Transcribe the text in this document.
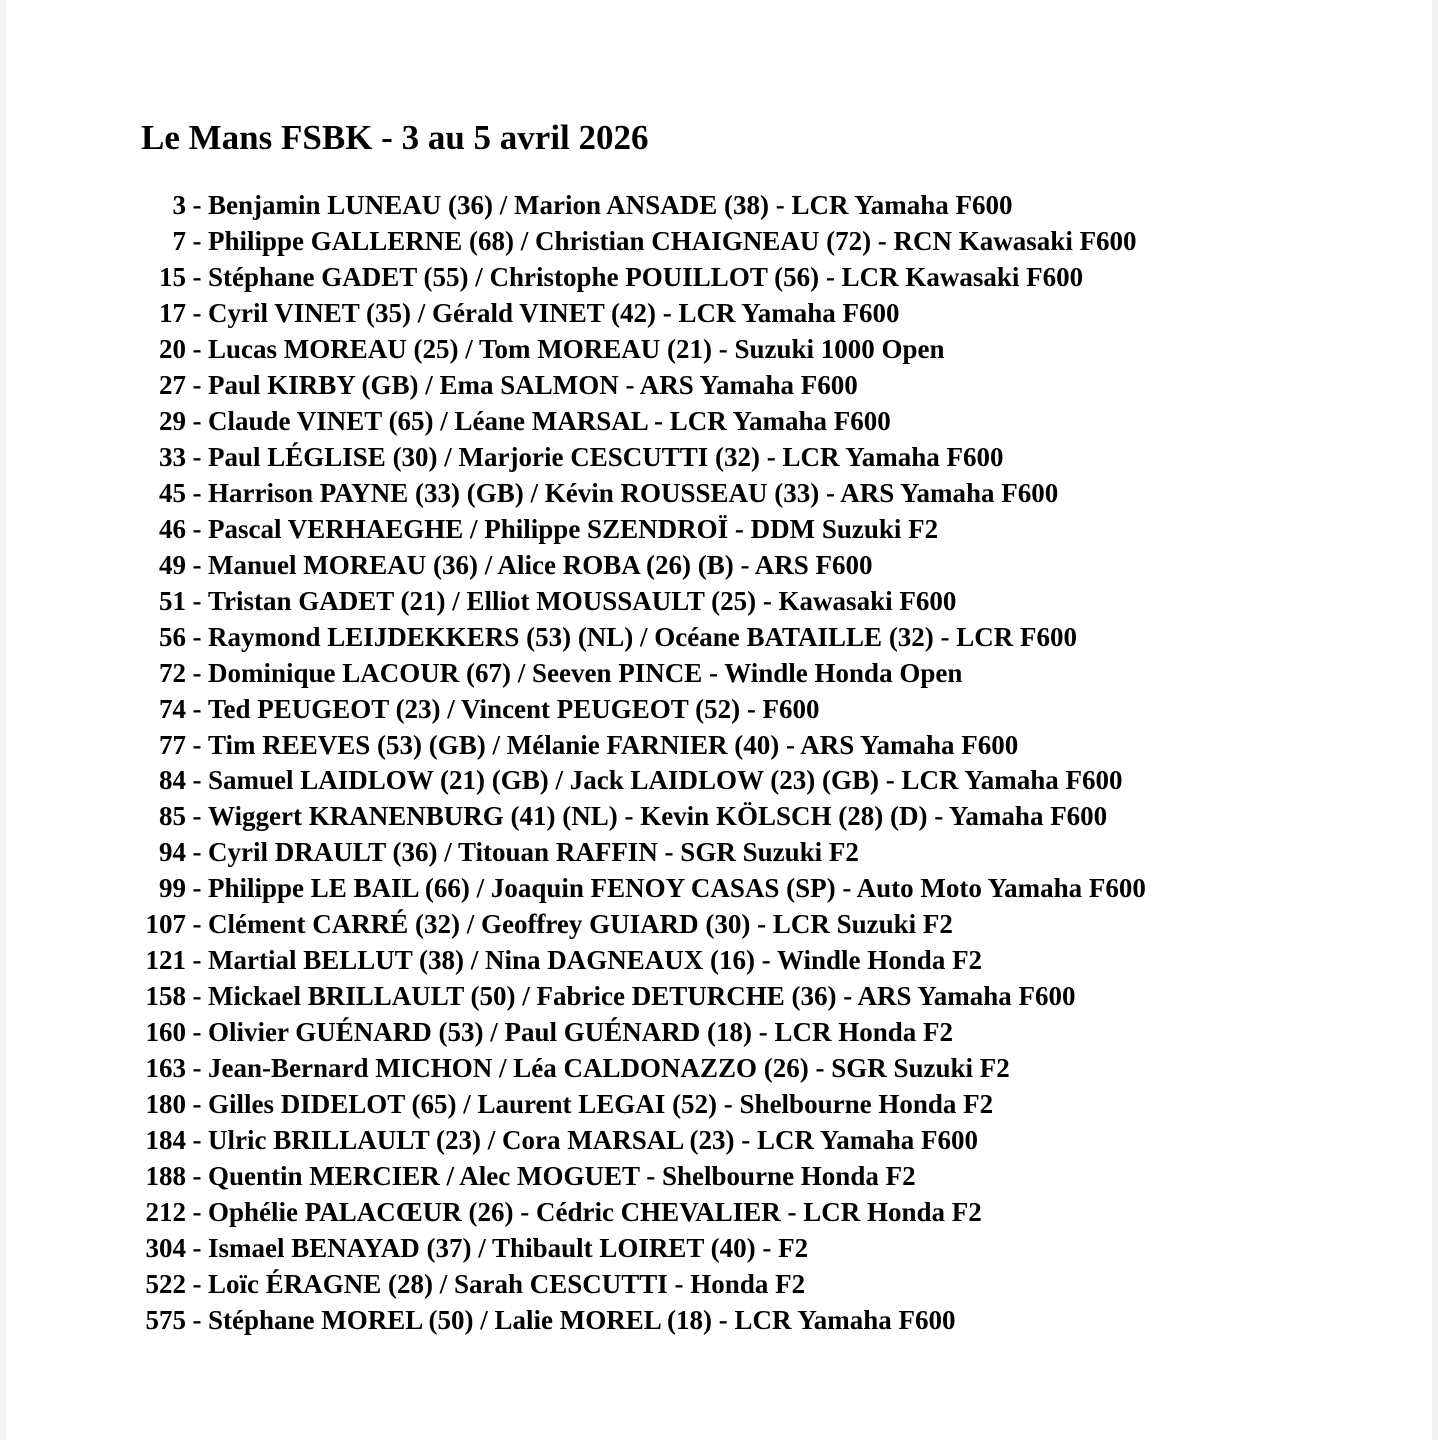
Le Mans FSBK - 3 au 5 avril 2026
3 - Benjamin LUNEAU (36) / Marion ANSADE (38) - LCR Yamaha F600
7 - Philippe GALLERNE (68) / Christian CHAIGNEAU (72) - RCN Kawasaki F600
15 - Stéphane GADET (55) / Christophe POUILLOT (56) - LCR Kawasaki F600
17 - Cyril VINET (35) / Gérald VINET (42) - LCR Yamaha F600
20 - Lucas MOREAU (25) / Tom MOREAU (21) - Suzuki 1000 Open
27 - Paul KIRBY (GB) / Ema SALMON - ARS Yamaha F600
29 - Claude VINET (65) / Léane MARSAL - LCR Yamaha F600
33 - Paul LÉGLISE (30) / Marjorie CESCUTTI (32) - LCR Yamaha F600
45 - Harrison PAYNE (33) (GB) / Kévin ROUSSEAU (33) - ARS Yamaha F600
46 - Pascal VERHAEGHE / Philippe SZENDROÏ - DDM Suzuki F2
49 - Manuel MOREAU (36) / Alice ROBA (26) (B) - ARS F600
51 - Tristan GADET (21) / Elliot MOUSSAULT (25) - Kawasaki F600
56 - Raymond LEIJDEKKERS (53) (NL) / Océane BATAILLE (32) - LCR F600
72 - Dominique LACOUR (67) / Seeven PINCE - Windle Honda Open
74 - Ted PEUGEOT (23) / Vincent PEUGEOT (52) - F600
77 - Tim REEVES (53) (GB) / Mélanie FARNIER (40) - ARS Yamaha F600
84 - Samuel LAIDLOW (21) (GB) / Jack LAIDLOW (23) (GB) - LCR Yamaha F600
85 - Wiggert KRANENBURG (41) (NL) - Kevin KÖLSCH (28) (D) - Yamaha F600
94 - Cyril DRAULT (36) / Titouan RAFFIN - SGR Suzuki F2
99 - Philippe LE BAIL (66) / Joaquin FENOY CASAS (SP) - Auto Moto Yamaha F600
107 - Clément CARRÉ (32) / Geoffrey GUIARD (30) - LCR Suzuki F2
121 - Martial BELLUT (38) / Nina DAGNEAUX (16) - Windle Honda F2
158 - Mickael BRILLAULT (50) / Fabrice DETURCHE (36) - ARS Yamaha F600
160 - Olivier GUÉNARD (53) / Paul GUÉNARD (18) - LCR Honda F2
163 - Jean-Bernard MICHON / Léa CALDONAZZO (26) - SGR Suzuki F2
180 - Gilles DIDELOT (65) / Laurent LEGAI (52) - Shelbourne Honda F2
184 - Ulric BRILLAULT (23) / Cora MARSAL (23) - LCR Yamaha F600
188 - Quentin MERCIER / Alec MOGUET - Shelbourne Honda F2
212 - Ophélie PALACŒUR (26) - Cédric CHEVALIER - LCR Honda F2
304 - Ismael BENAYAD (37) / Thibault LOIRET (40) - F2
522 - Loïc ÉRAGNE (28) / Sarah CESCUTTI - Honda F2
575 - Stéphane MOREL (50) / Lalie MOREL (18) - LCR Yamaha F600
